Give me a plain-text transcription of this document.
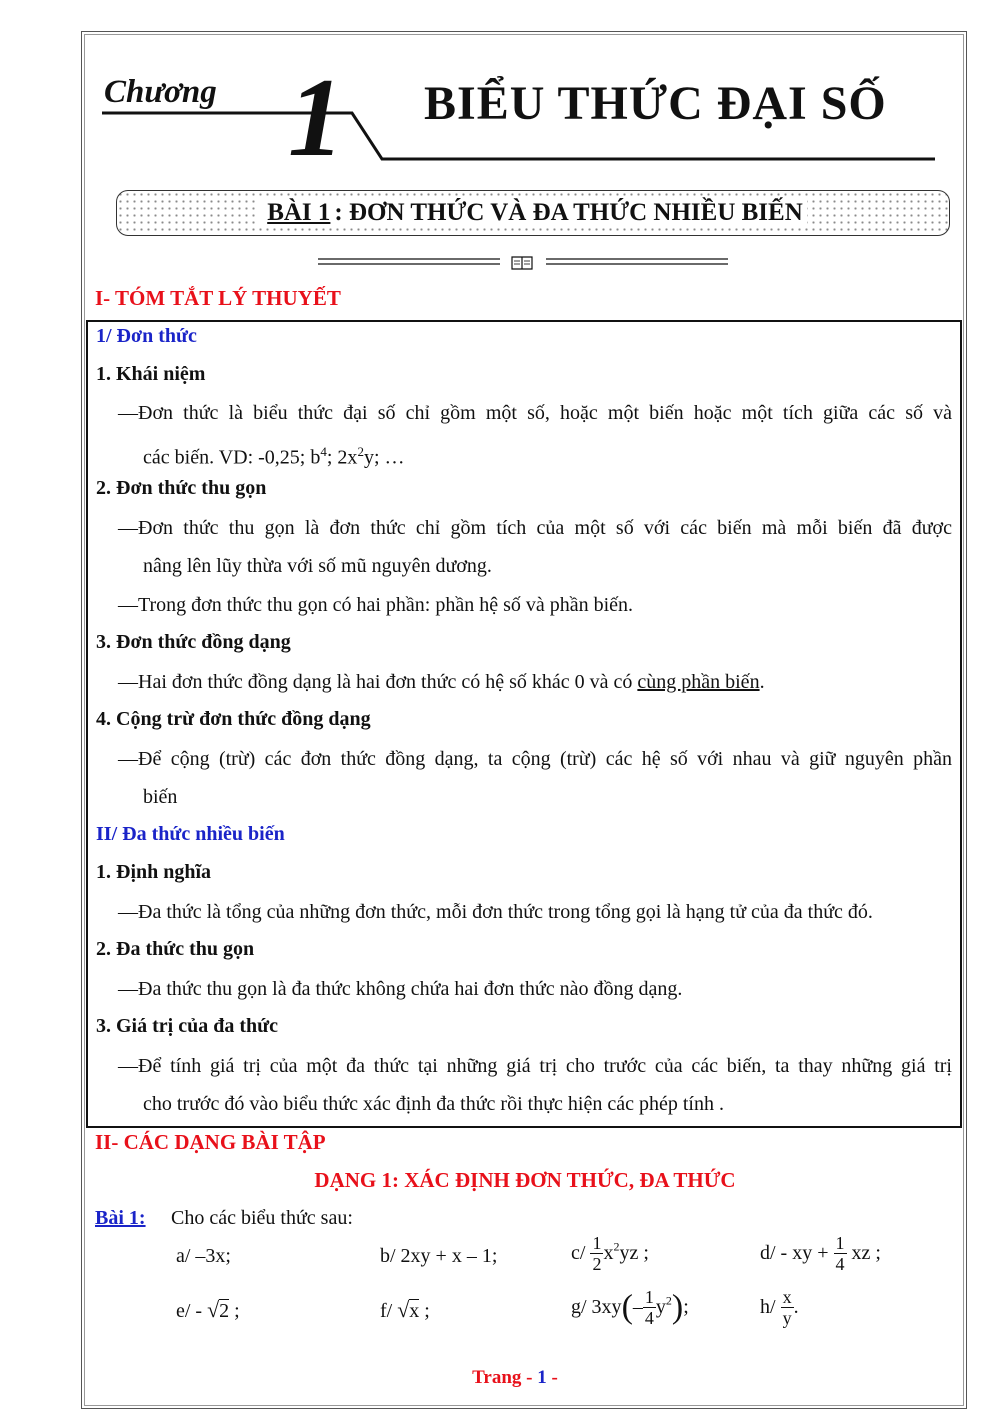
Chương 1 BIỂU THỨC ĐẠI SỐ
BÀI 1 : ĐƠN THỨC VÀ ĐA THỨC NHIỀU BIẾN
I- TÓM TẮT LÝ THUYẾT
1/ Đơn thức
1. Khái niệm
—Đơn thức là biểu thức đại số chỉ gồm một số, hoặc một biến hoặc một tích giữa các số và
các biến. VD: -0,25; $b^4$; $2x^2y$; …
2. Đơn thức thu gọn
—Đơn thức thu gọn là đơn thức chỉ gồm tích của một số với các biến mà mỗi biến đã được
nâng lên lũy thừa với số mũ nguyên dương.
—Trong đơn thức thu gọn có hai phần: phần hệ số và phần biến.
3. Đơn thức đồng dạng
—Hai đơn thức đồng dạng là hai đơn thức có hệ số khác 0 và có cùng phần biến.
4. Cộng trừ đơn thức đồng dạng
—Để cộng (trừ) các đơn thức đồng dạng, ta cộng (trừ) các hệ số với nhau và giữ nguyên phần
biến
II/ Đa thức nhiều biến
1. Định nghĩa
—Đa thức là tổng của những đơn thức, mỗi đơn thức trong tổng gọi là hạng tử của đa thức đó.
2. Đa thức thu gọn
—Đa thức thu gọn là đa thức không chứa hai đơn thức nào đồng dạng.
3. Giá trị của đa thức
—Để tính giá trị của một đa thức tại những giá trị cho trước của các biến, ta thay những giá trị
cho trước đó vào biểu thức xác định đa thức rồi thực hiện các phép tính .
II- CÁC DẠNG BÀI TẬP
DẠNG 1: XÁC ĐỊNH ĐƠN THỨC, ĐA THỨC
Bài 1: Cho các biểu thức sau:
a/ –3x;	b/ 2xy + x – 1;	$c/ \frac{1}{2} x^2yz$ ;	d/ - xy + $\frac{1}{4}$ xz ;
e/ - √2 ;	f/ √x ;	g/ $3xy(- \frac{1}{4} y^2)$;	$h/ \frac{x}{y}$ .
Trang - 1 -
